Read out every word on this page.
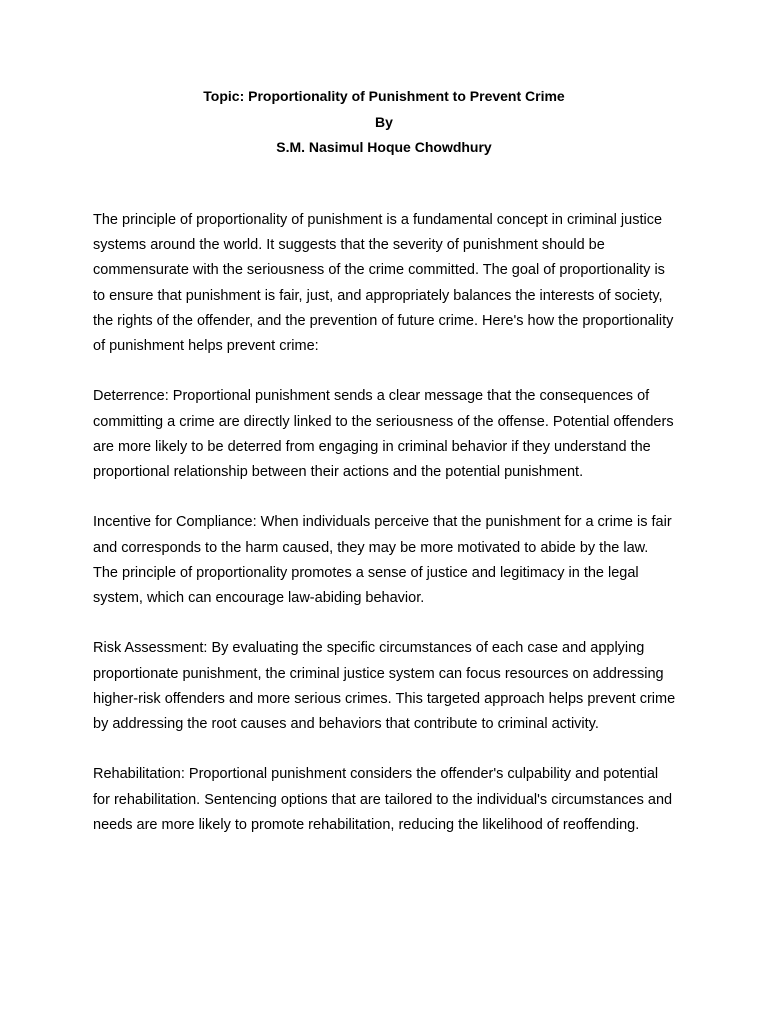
Topic: Proportionality of Punishment to Prevent Crime
By
S.M. Nasimul Hoque Chowdhury

The principle of proportionality of punishment is a fundamental concept in criminal justice systems around the world. It suggests that the severity of punishment should be commensurate with the seriousness of the crime committed. The goal of proportionality is to ensure that punishment is fair, just, and appropriately balances the interests of society, the rights of the offender, and the prevention of future crime. Here's how the proportionality of punishment helps prevent crime:

Deterrence: Proportional punishment sends a clear message that the consequences of committing a crime are directly linked to the seriousness of the offense. Potential offenders are more likely to be deterred from engaging in criminal behavior if they understand the proportional relationship between their actions and the potential punishment.

Incentive for Compliance: When individuals perceive that the punishment for a crime is fair and corresponds to the harm caused, they may be more motivated to abide by the law. The principle of proportionality promotes a sense of justice and legitimacy in the legal system, which can encourage law-abiding behavior.

Risk Assessment: By evaluating the specific circumstances of each case and applying proportionate punishment, the criminal justice system can focus resources on addressing higher-risk offenders and more serious crimes. This targeted approach helps prevent crime by addressing the root causes and behaviors that contribute to criminal activity.

Rehabilitation: Proportional punishment considers the offender's culpability and potential for rehabilitation. Sentencing options that are tailored to the individual's circumstances and needs are more likely to promote rehabilitation, reducing the likelihood of reoffending.
